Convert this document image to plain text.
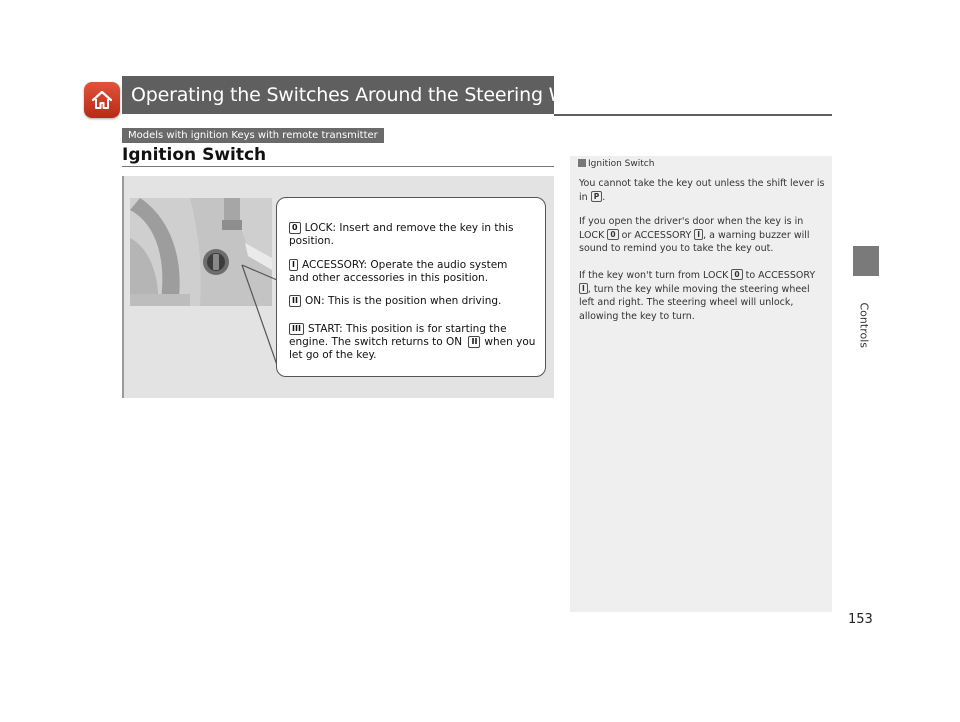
Operating the Switches Around the Steering Wheel
Models with ignition Keys with remote transmitter
Ignition Switch
0 LOCK: Insert and remove the key in this position.
I ACCESSORY: Operate the audio system and other accessories in this position.
II ON: This is the position when driving.
III START: This position is for starting the engine. The switch returns to ON II when you let go of the key.
Ignition Switch
You cannot take the key out unless the shift lever is in P .
If you open the driver's door when the key is in LOCK 0 or ACCESSORY I , a warning buzzer will sound to remind you to take the key out.
If the key won't turn from LOCK 0 to ACCESSORY I , turn the key while moving the steering wheel left and right. The steering wheel will unlock, allowing the key to turn.	Controls
153
